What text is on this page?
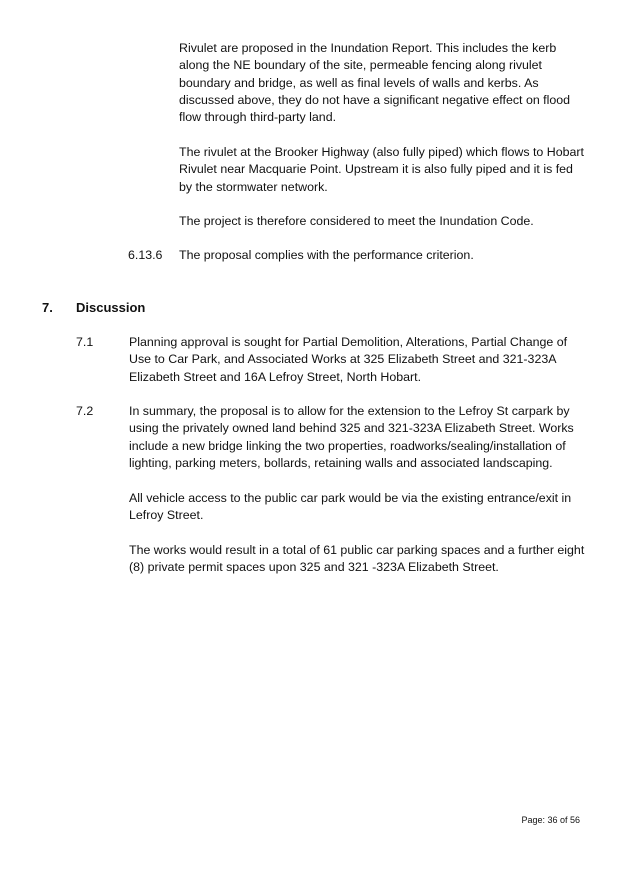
Rivulet are proposed in the Inundation Report. This includes the kerb
along the NE boundary of the site, permeable fencing along rivulet
boundary and bridge, as well as final levels of walls and kerbs. As
discussed above, they do not have a significant negative effect on flood
flow through third-party land.
The rivulet at the Brooker Highway (also fully piped) which flows to Hobart
Rivulet near Macquarie Point. Upstream it is also fully piped and it is fed
by the stormwater network.
The project is therefore considered to meet the Inundation Code.
6.13.6 The proposal complies with the performance criterion.
7. Discussion
7.1	Planning approval is sought for Partial Demolition, Alterations, Partial Change of
Use to Car Park, and Associated Works at 325 Elizabeth Street and 321-323A
Elizabeth Street and 16A Lefroy Street, North Hobart.
7.2	In summary, the proposal is to allow for the extension to the Lefroy St carpark by
using the privately owned land behind 325 and 321-323A Elizabeth Street. Works
include a new bridge linking the two properties, roadworks/sealing/installation of
lighting, parking meters, bollards, retaining walls and associated landscaping.
All vehicle access to the public car park would be via the existing entrance/exit in
Lefroy Street.
The works would result in a total of 61 public car parking spaces and a further eight
(8) private permit spaces upon 325 and 321 -323A Elizabeth Street.
Page: 36 of 56
